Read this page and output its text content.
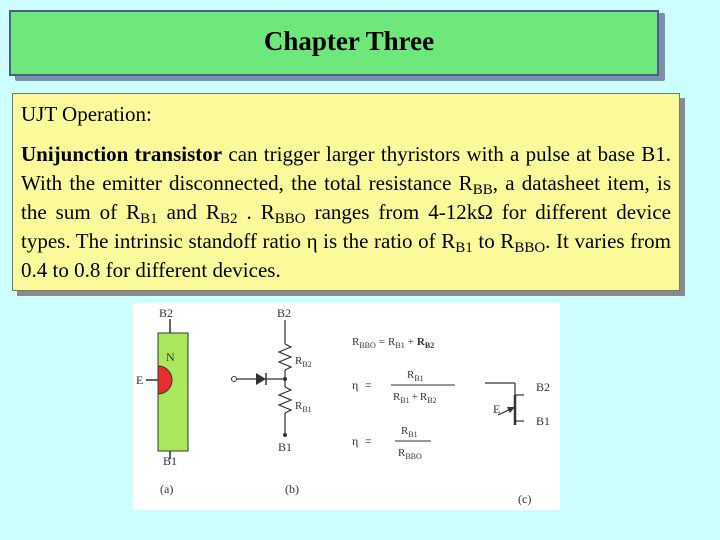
Chapter Three
UJT Operation:

Unijunction transistor can trigger larger thyristors with a pulse at base B1. With the emitter disconnected, the total resistance $R_{BB}$, a datasheet item, is the sum of $R_{B1}$ and $R_{B2}$ . $R_{BBO}$ ranges from 4-12kΩ for different device types. The intrinsic standoff ratio η is the ratio of $R_{B1}$ to $R_{BBO}$. It varies from 0.4 to 0.8 for different devices.

B2
N
E
B1
(a)
B2
$R_{B2}$
$R_{B1}$
B1
(b)
$R_{BBO} = R_{B1} + R_{B2}$
η =
$R_{B1}$
$R_{B1} + R_{B2}$
η =
$R_{B1}$
$R_{BBO}$
B2
E
B1
(c)
